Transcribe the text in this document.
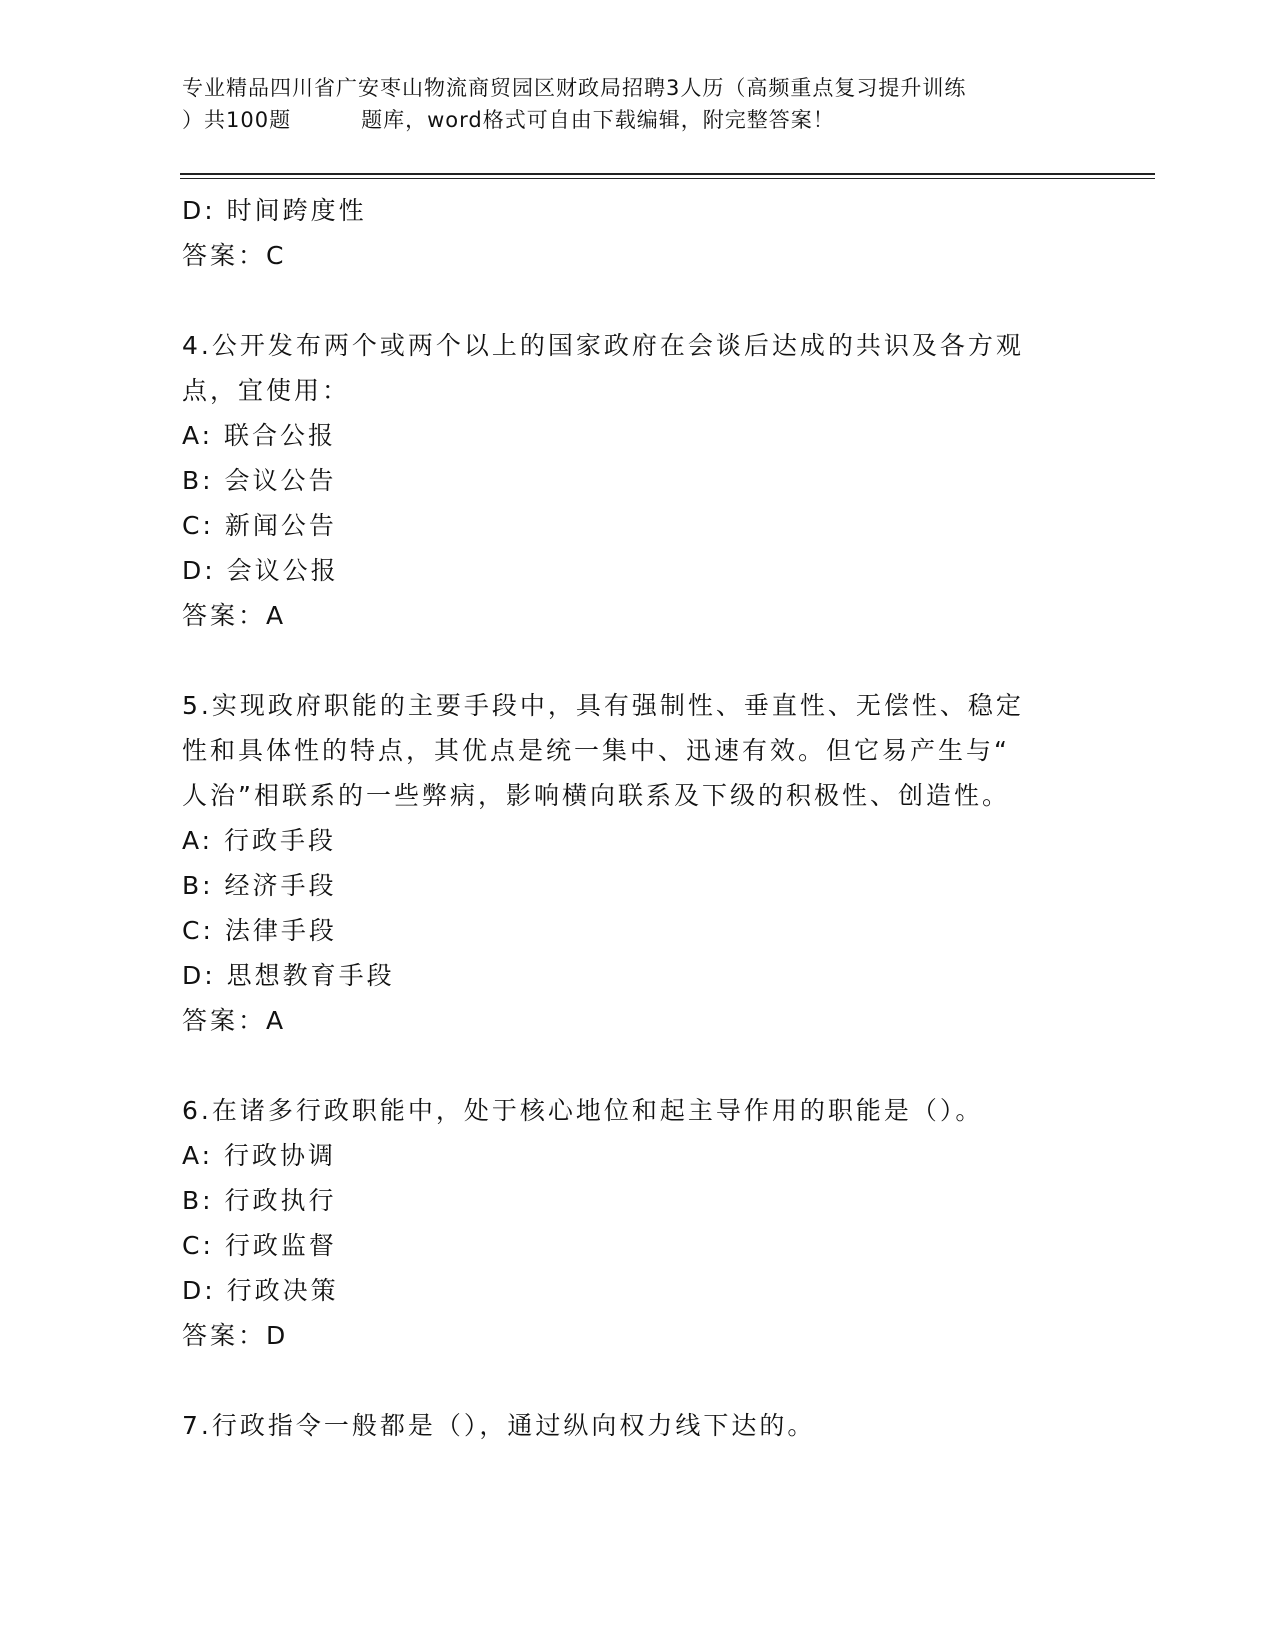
专业精品四川省广安枣山物流商贸园区财政局招聘3人历（高频重点复习提升训练
）共100题	题库，word格式可自由下载编辑，附完整答案！
D: 时间跨度性
答案：C
4.公开发布两个或两个以上的国家政府在会谈后达成的共识及各方观
点，宜使用：
A: 联合公报
B: 会议公告
C: 新闻公告
D: 会议公报
答案：A
5.实现政府职能的主要手段中，具有强制性、垂直性、无偿性、稳定
性和具体性的特点，其优点是统一集中、迅速有效。但它易产生与“
人治”相联系的一些弊病，影响横向联系及下级的积极性、创造性。
A: 行政手段
B: 经济手段
C: 法律手段
D: 思想教育手段
答案：A
6.在诸多行政职能中，处于核心地位和起主导作用的职能是（）。
A: 行政协调
B: 行政执行
C: 行政监督
D: 行政决策
答案：D
7.行政指令一般都是（），通过纵向权力线下达的。
